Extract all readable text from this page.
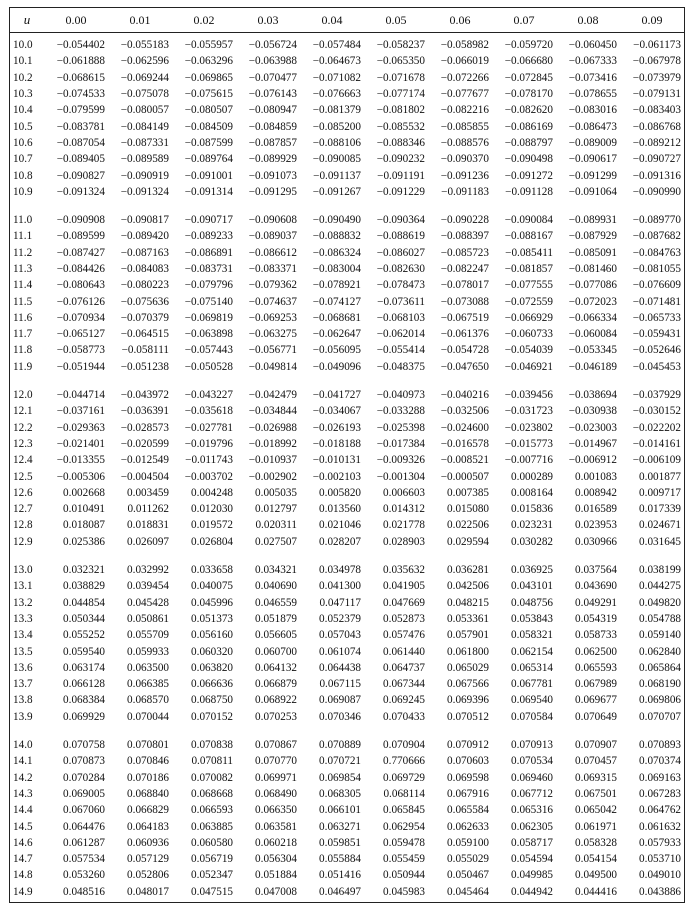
u	0.00	0.01	0.02	0.03	0.04	0.05	0.06	0.07	0.08	0.09
10.0	−0.054402	−0.055183	−0.055957	−0.056724	−0.057484	−0.058237	−0.058982	−0.059720	−0.060450	−0.061173
10.1	−0.061888	−0.062596	−0.063296	−0.063988	−0.064673	−0.065350	−0.066019	−0.066680	−0.067333	−0.067978
10.2	−0.068615	−0.069244	−0.069865	−0.070477	−0.071082	−0.071678	−0.072266	−0.072845	−0.073416	−0.073979
10.3	−0.074533	−0.075078	−0.075615	−0.076143	−0.076663	−0.077174	−0.077677	−0.078170	−0.078655	−0.079131
10.4	−0.079599	−0.080057	−0.080507	−0.080947	−0.081379	−0.081802	−0.082216	−0.082620	−0.083016	−0.083403
10.5	−0.083781	−0.084149	−0.084509	−0.084859	−0.085200	−0.085532	−0.085855	−0.086169	−0.086473	−0.086768
10.6	−0.087054	−0.087331	−0.087599	−0.087857	−0.088106	−0.088346	−0.088576	−0.088797	−0.089009	−0.089212
10.7	−0.089405	−0.089589	−0.089764	−0.089929	−0.090085	−0.090232	−0.090370	−0.090498	−0.090617	−0.090727
10.8	−0.090827	−0.090919	−0.091001	−0.091073	−0.091137	−0.091191	−0.091236	−0.091272	−0.091299	−0.091316
10.9	−0.091324	−0.091324	−0.091314	−0.091295	−0.091267	−0.091229	−0.091183	−0.091128	−0.091064	−0.090990

11.0	−0.090908	−0.090817	−0.090717	−0.090608	−0.090490	−0.090364	−0.090228	−0.090084	−0.089931	−0.089770
11.1	−0.089599	−0.089420	−0.089233	−0.089037	−0.088832	−0.088619	−0.088397	−0.088167	−0.087929	−0.087682
11.2	−0.087427	−0.087163	−0.086891	−0.086612	−0.086324	−0.086027	−0.085723	−0.085411	−0.085091	−0.084763
11.3	−0.084426	−0.084083	−0.083731	−0.083371	−0.083004	−0.082630	−0.082247	−0.081857	−0.081460	−0.081055
11.4	−0.080643	−0.080223	−0.079796	−0.079362	−0.078921	−0.078473	−0.078017	−0.077555	−0.077086	−0.076609
11.5	−0.076126	−0.075636	−0.075140	−0.074637	−0.074127	−0.073611	−0.073088	−0.072559	−0.072023	−0.071481
11.6	−0.070934	−0.070379	−0.069819	−0.069253	−0.068681	−0.068103	−0.067519	−0.066929	−0.066334	−0.065733
11.7	−0.065127	−0.064515	−0.063898	−0.063275	−0.062647	−0.062014	−0.061376	−0.060733	−0.060084	−0.059431
11.8	−0.058773	−0.058111	−0.057443	−0.056771	−0.056095	−0.055414	−0.054728	−0.054039	−0.053345	−0.052646
11.9	−0.051944	−0.051238	−0.050528	−0.049814	−0.049096	−0.048375	−0.047650	−0.046921	−0.046189	−0.045453

12.0	−0.044714	−0.043972	−0.043227	−0.042479	−0.041727	−0.040973	−0.040216	−0.039456	−0.038694	−0.037929
12.1	−0.037161	−0.036391	−0.035618	−0.034844	−0.034067	−0.033288	−0.032506	−0.031723	−0.030938	−0.030152
12.2	−0.029363	−0.028573	−0.027781	−0.026988	−0.026193	−0.025398	−0.024600	−0.023802	−0.023003	−0.022202
12.3	−0.021401	−0.020599	−0.019796	−0.018992	−0.018188	−0.017384	−0.016578	−0.015773	−0.014967	−0.014161
12.4	−0.013355	−0.012549	−0.011743	−0.010937	−0.010131	−0.009326	−0.008521	−0.007716	−0.006912	−0.006109
12.5	−0.005306	−0.004504	−0.003702	−0.002902	−0.002103	−0.001304	−0.000507	0.000289	0.001083	0.001877
12.6	0.002668	0.003459	0.004248	0.005035	0.005820	0.006603	0.007385	0.008164	0.008942	0.009717
12.7	0.010491	0.011262	0.012030	0.012797	0.013560	0.014312	0.015080	0.015836	0.016589	0.017339
12.8	0.018087	0.018831	0.019572	0.020311	0.021046	0.021778	0.022506	0.023231	0.023953	0.024671
12.9	0.025386	0.026097	0.026804	0.027507	0.028207	0.028903	0.029594	0.030282	0.030966	0.031645

13.0	0.032321	0.032992	0.033658	0.034321	0.034978	0.035632	0.036281	0.036925	0.037564	0.038199
13.1	0.038829	0.039454	0.040075	0.040690	0.041300	0.041905	0.042506	0.043101	0.043690	0.044275
13.2	0.044854	0.045428	0.045996	0.046559	0.047117	0.047669	0.048215	0.048756	0.049291	0.049820
13.3	0.050344	0.050861	0.051373	0.051879	0.052379	0.052873	0.053361	0.053843	0.054319	0.054788
13.4	0.055252	0.055709	0.056160	0.056605	0.057043	0.057476	0.057901	0.058321	0.058733	0.059140
13.5	0.059540	0.059933	0.060320	0.060700	0.061074	0.061440	0.061800	0.062154	0.062500	0.062840
13.6	0.063174	0.063500	0.063820	0.064132	0.064438	0.064737	0.065029	0.065314	0.065593	0.065864
13.7	0.066128	0.066385	0.066636	0.066879	0.067115	0.067344	0.067566	0.067781	0.067989	0.068190
13.8	0.068384	0.068570	0.068750	0.068922	0.069087	0.069245	0.069396	0.069540	0.069677	0.069806
13.9	0.069929	0.070044	0.070152	0.070253	0.070346	0.070433	0.070512	0.070584	0.070649	0.070707

14.0	0.070758	0.070801	0.070838	0.070867	0.070889	0.070904	0.070912	0.070913	0.070907	0.070893
14.1	0.070873	0.070846	0.070811	0.070770	0.070721	0.770666	0.070603	0.070534	0.070457	0.070374
14.2	0.070284	0.070186	0.070082	0.069971	0.069854	0.069729	0.069598	0.069460	0.069315	0.069163
14.3	0.069005	0.068840	0.068668	0.068490	0.068305	0.068114	0.067916	0.067712	0.067501	0.067283
14.4	0.067060	0.066829	0.066593	0.066350	0.066101	0.065845	0.065584	0.065316	0.065042	0.064762
14.5	0.064476	0.064183	0.063885	0.063581	0.063271	0.062954	0.062633	0.062305	0.061971	0.061632
14.6	0.061287	0.060936	0.060580	0.060218	0.059851	0.059478	0.059100	0.058717	0.058328	0.057933
14.7	0.057534	0.057129	0.056719	0.056304	0.055884	0.055459	0.055029	0.054594	0.054154	0.053710
14.8	0.053260	0.052806	0.052347	0.051884	0.051416	0.050944	0.050467	0.049985	0.049500	0.049010
14.9	0.048516	0.048017	0.047515	0.047008	0.046497	0.045983	0.045464	0.044942	0.044416	0.043886
